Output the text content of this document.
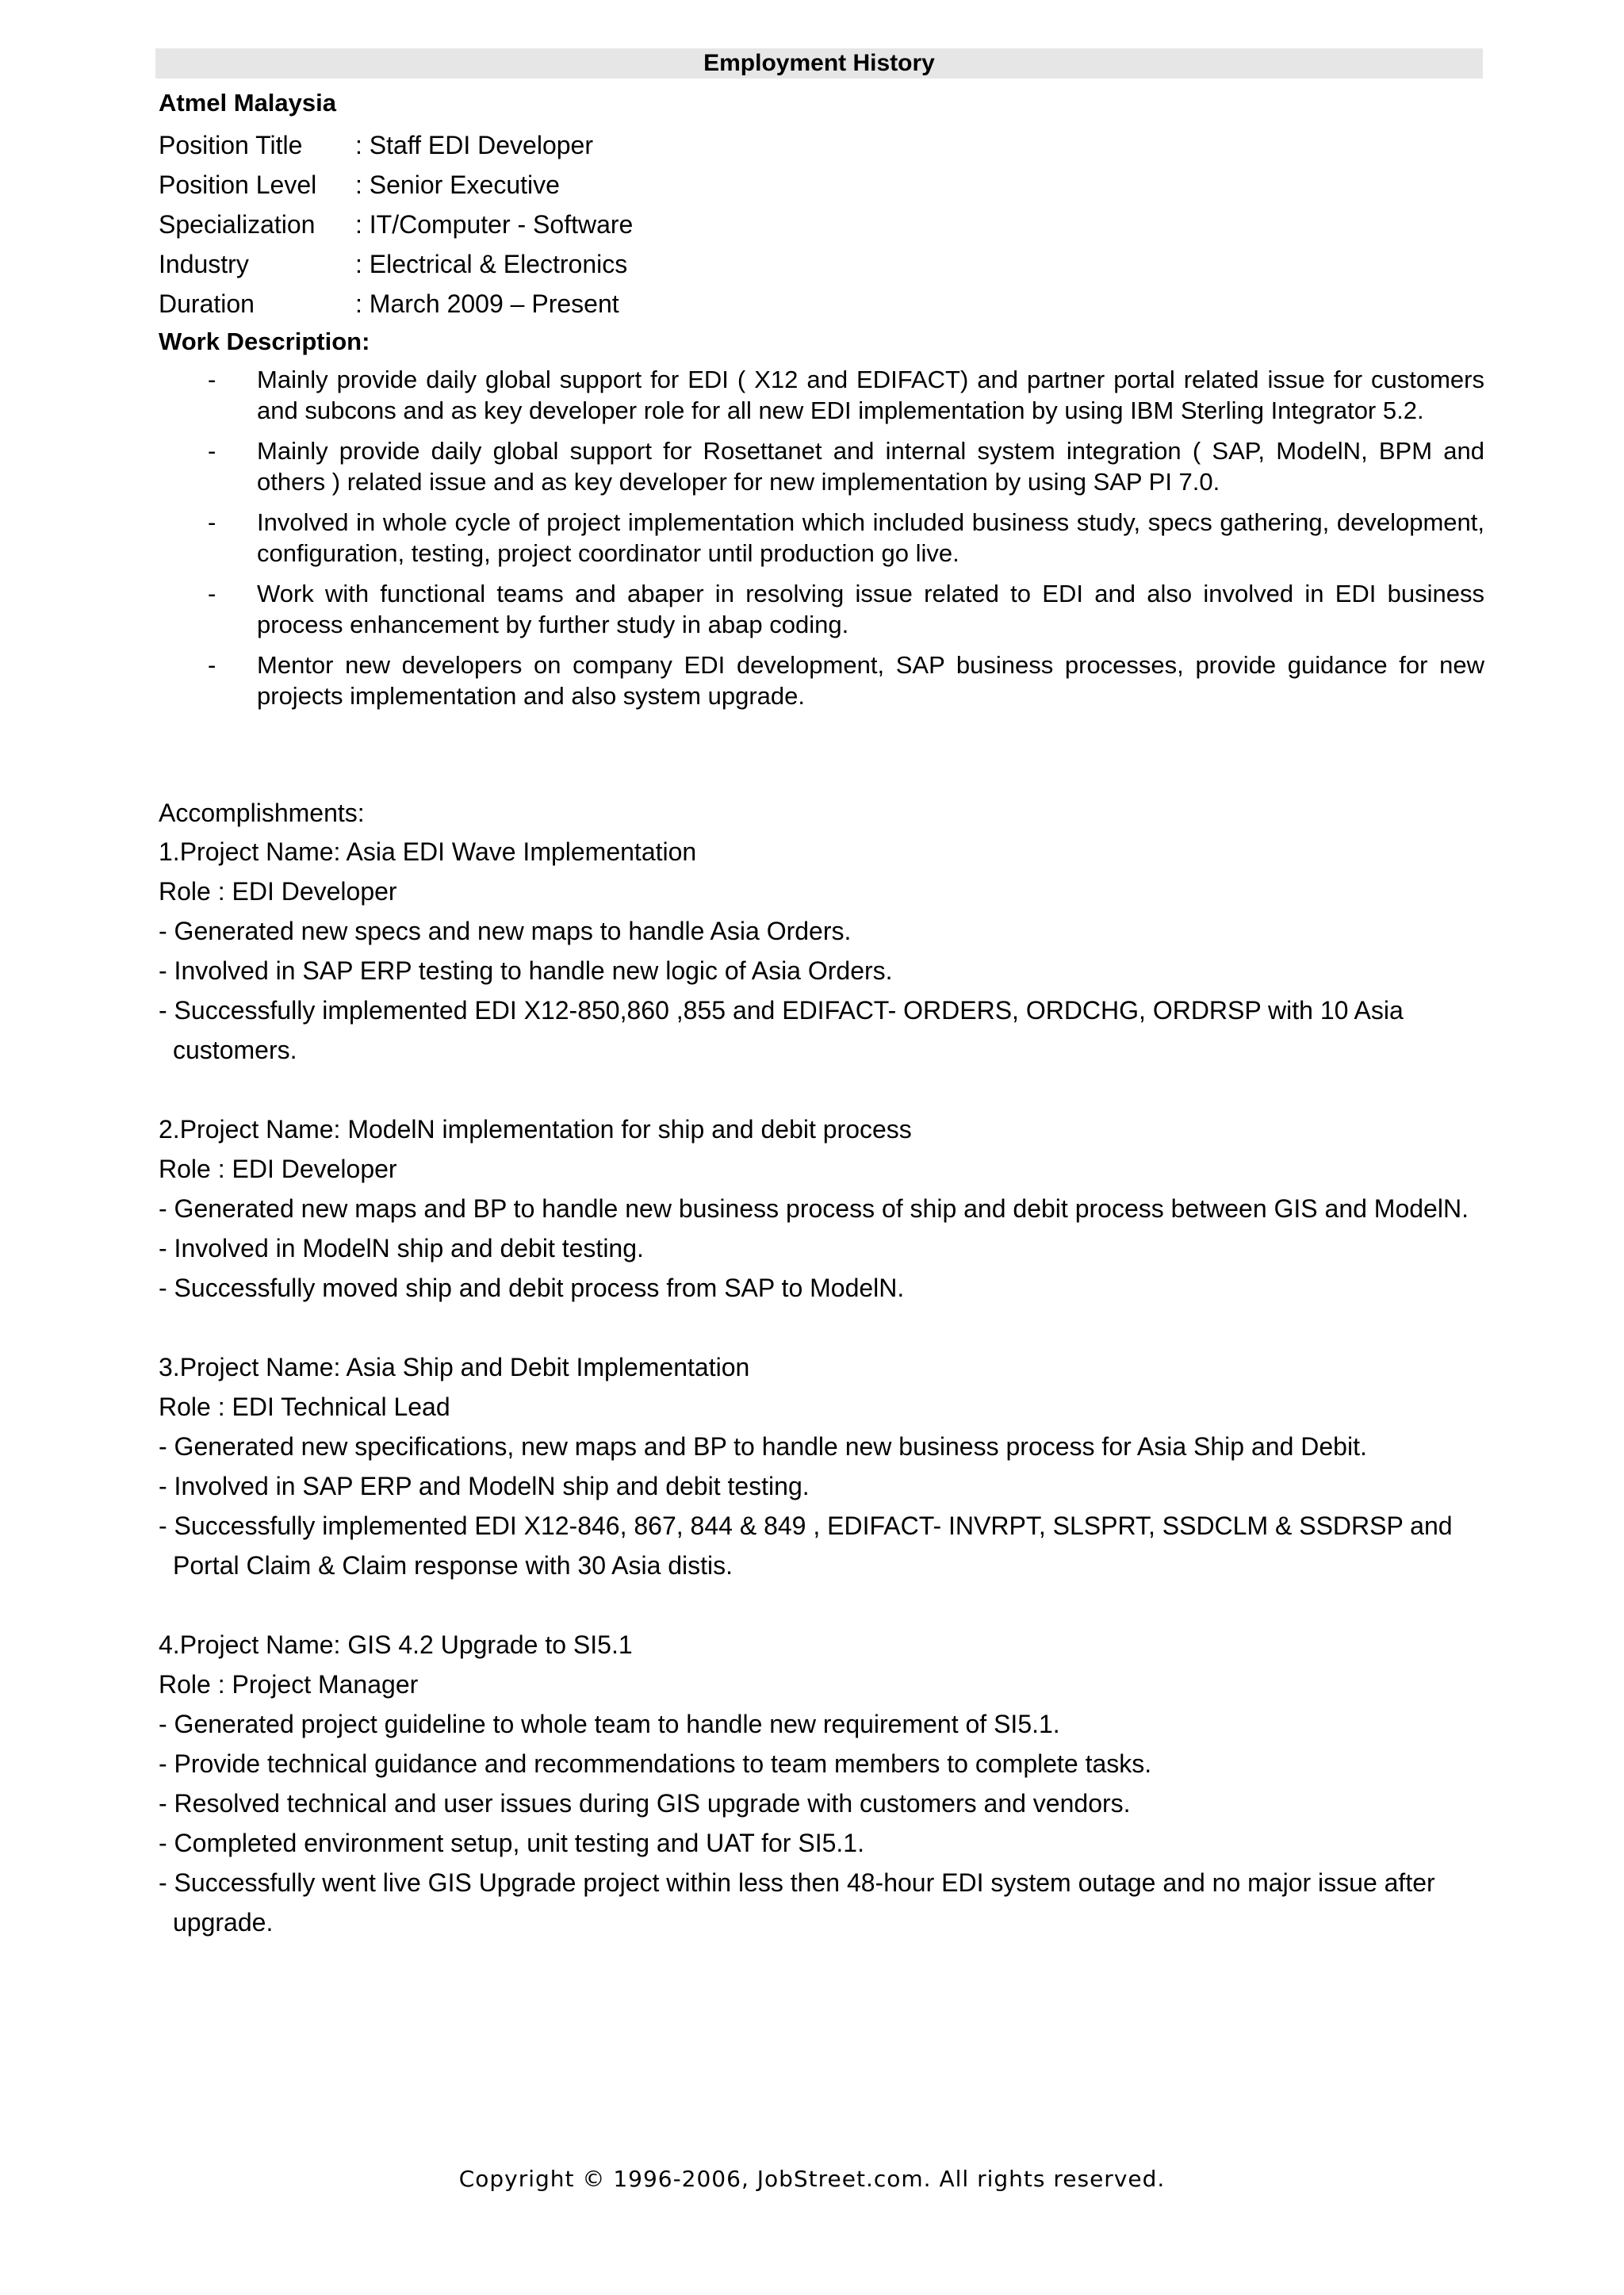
Employment History
Atmel Malaysia
Position Title	: Staff EDI Developer
Position Level	: Senior Executive
Specialization	: IT/Computer - Software
Industry	: Electrical & Electronics
Duration	: March 2009 – Present
Work Description:
-	Mainly provide daily global support for EDI ( X12 and EDIFACT) and partner portal related issue for customers and subcons and as key developer role for all new EDI implementation by using IBM Sterling Integrator 5.2.
-	Mainly provide daily global support for Rosettanet and internal system integration ( SAP, ModelN, BPM and others ) related issue and as key developer for new implementation by using SAP PI 7.0.
-	Involved in whole cycle of project implementation which included business study, specs gathering, development, configuration, testing, project coordinator until production go live.
-	Work with functional teams and abaper in resolving issue related to EDI and also involved in EDI business process enhancement by further study in abap coding.
-	Mentor new developers on company EDI development, SAP business processes, provide guidance for new projects implementation and also system upgrade.
Accomplishments:
1.Project Name: Asia EDI Wave Implementation
Role : EDI Developer
- Generated new specs and new maps to handle Asia Orders.
- Involved in SAP ERP testing to handle new logic of Asia Orders.
- Successfully implemented EDI X12-850,860 ,855 and EDIFACT- ORDERS, ORDCHG, ORDRSP with 10 Asia customers.
2.Project Name: ModelN implementation for ship and debit process
Role : EDI Developer
- Generated new maps and BP to handle new business process of ship and debit process between GIS and ModelN.
- Involved in ModelN ship and debit testing.
- Successfully moved ship and debit process from SAP to ModelN.
3.Project Name: Asia Ship and Debit Implementation
Role : EDI Technical Lead
- Generated new specifications, new maps and BP to handle new business process for Asia Ship and Debit.
- Involved in SAP ERP and ModelN ship and debit testing.
- Successfully implemented EDI X12-846, 867, 844 & 849 , EDIFACT- INVRPT, SLSPRT, SSDCLM & SSDRSP and Portal Claim & Claim response with 30 Asia distis.
4.Project Name: GIS 4.2 Upgrade to SI5.1
Role : Project Manager
- Generated project guideline to whole team to handle new requirement of SI5.1.
- Provide technical guidance and recommendations to team members to complete tasks.
- Resolved technical and user issues during GIS upgrade with customers and vendors.
- Completed environment setup, unit testing and UAT for SI5.1.
- Successfully went live GIS Upgrade project within less then 48-hour EDI system outage and no major issue after upgrade.
Copyright © 1996-2006, JobStreet.com. All rights reserved.
